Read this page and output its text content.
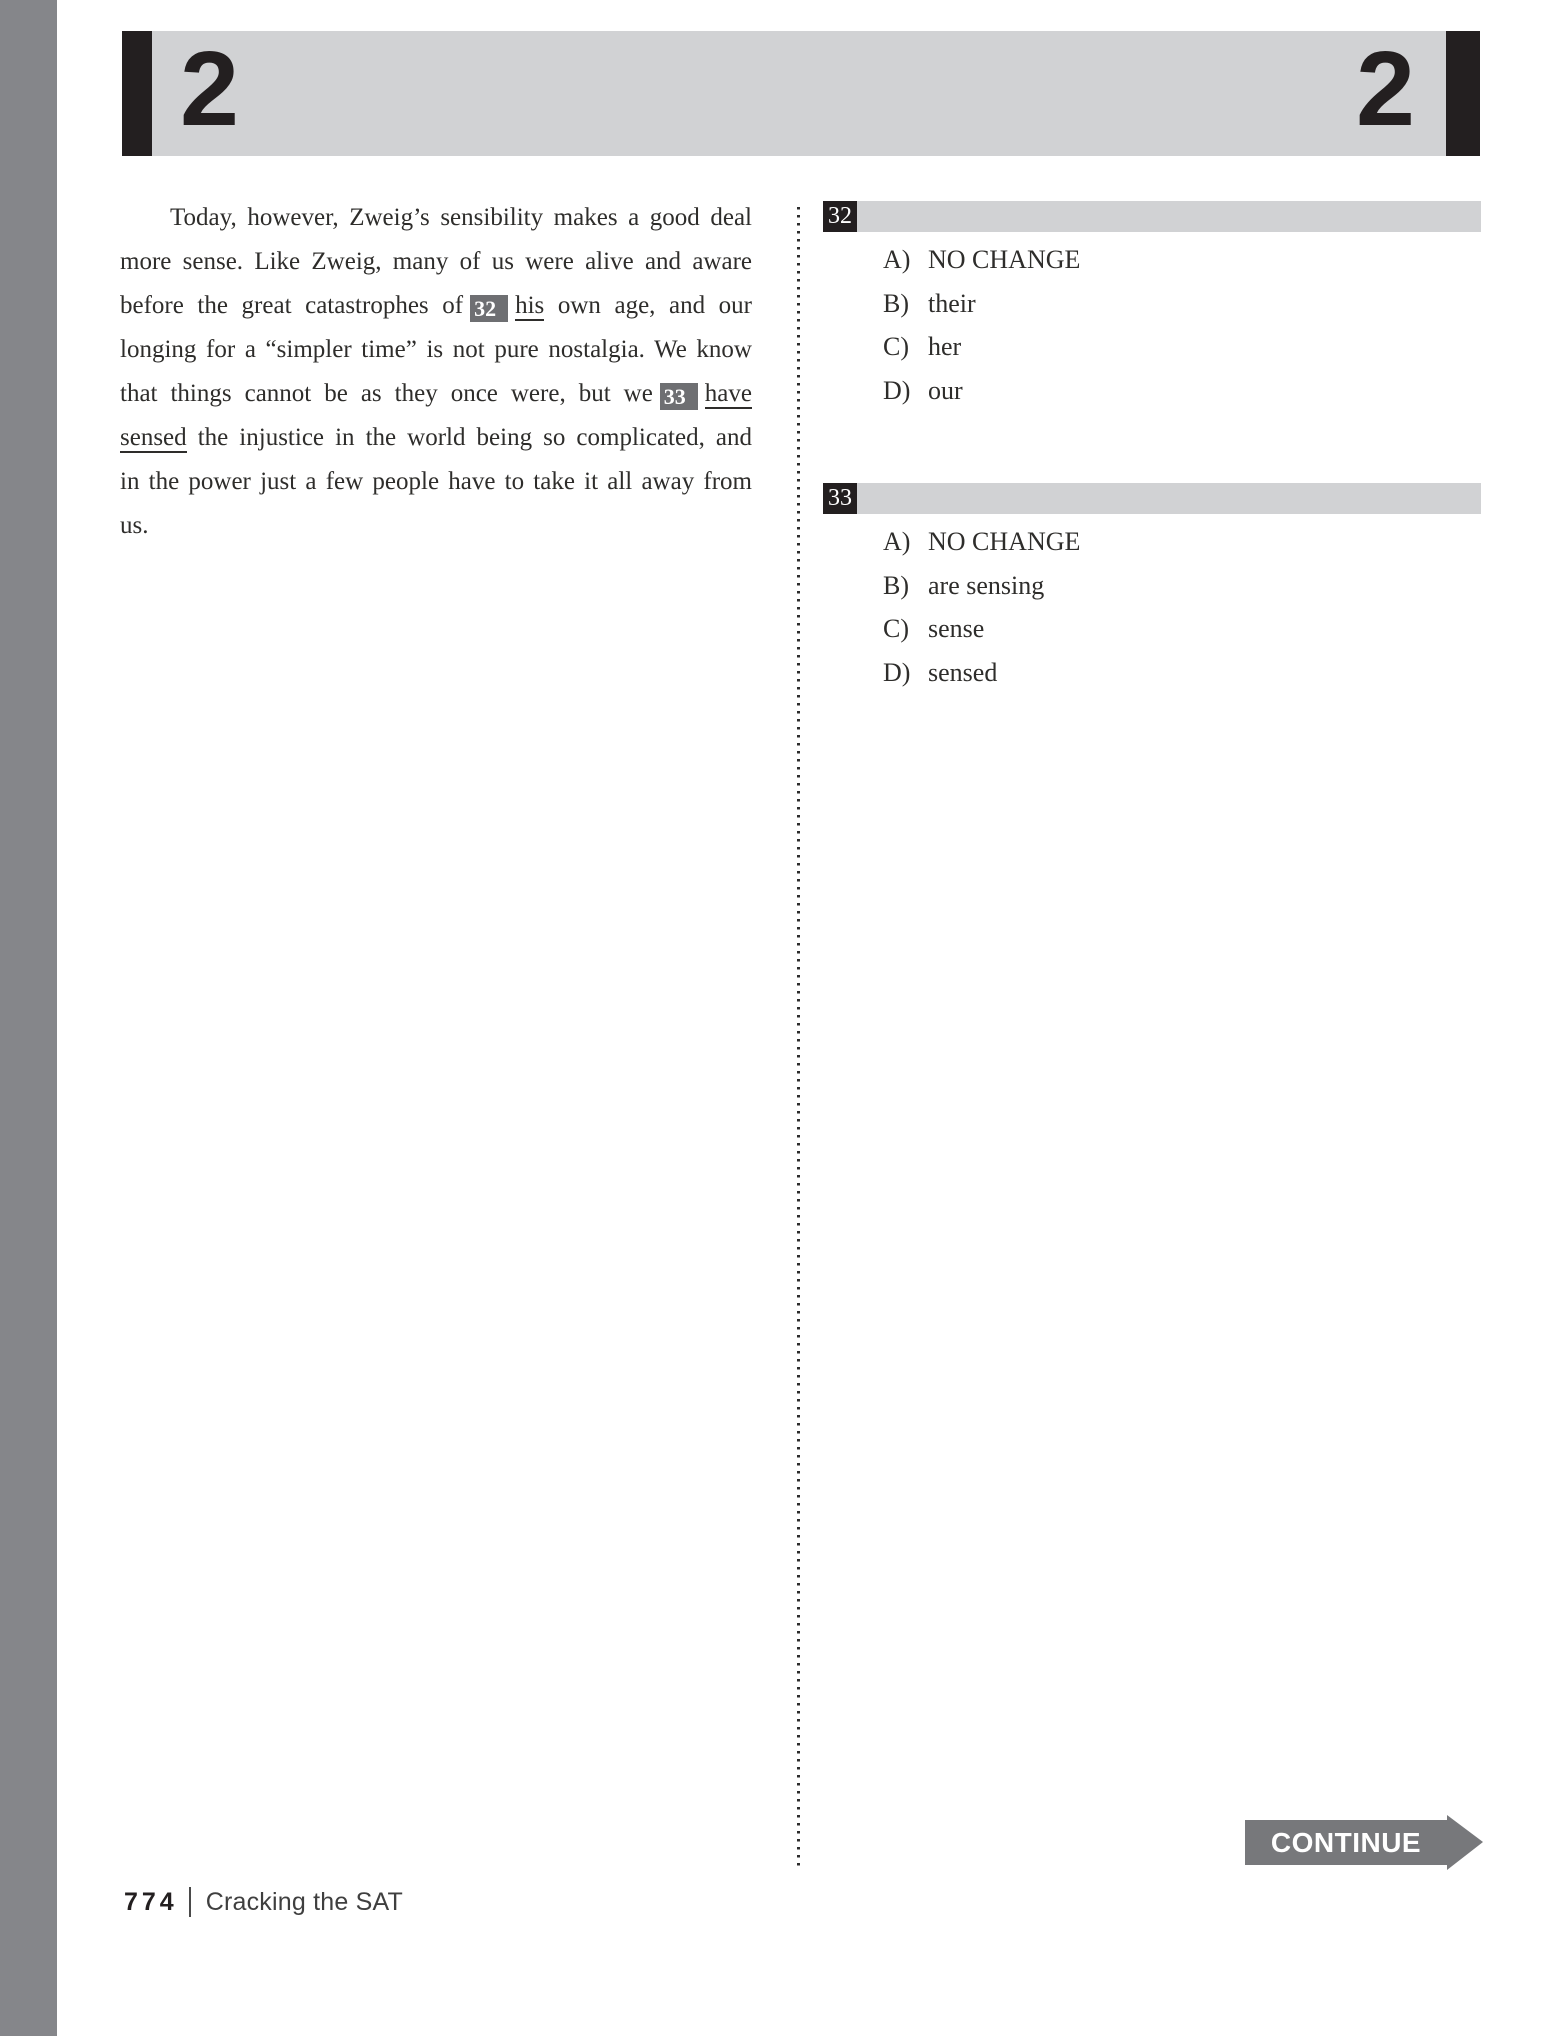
2	2
Today, however, Zweig’s sensibility makes a good deal
more sense. Like Zweig, many of us were alive and aware
before the great catastrophes of 32 his own age, and our
longing for a “simpler time” is not pure nostalgia. We know
that things cannot be as they once were, but we 33 have
sensed the injustice in the world being so complicated, and
in the power just a few people have to take it all away from
us.
32
A) NO CHANGE
B) their
C) her
D) our
33
A) NO CHANGE
B) are sensing
C) sense
D) sensed
CONTINUE
774 Cracking the SAT
